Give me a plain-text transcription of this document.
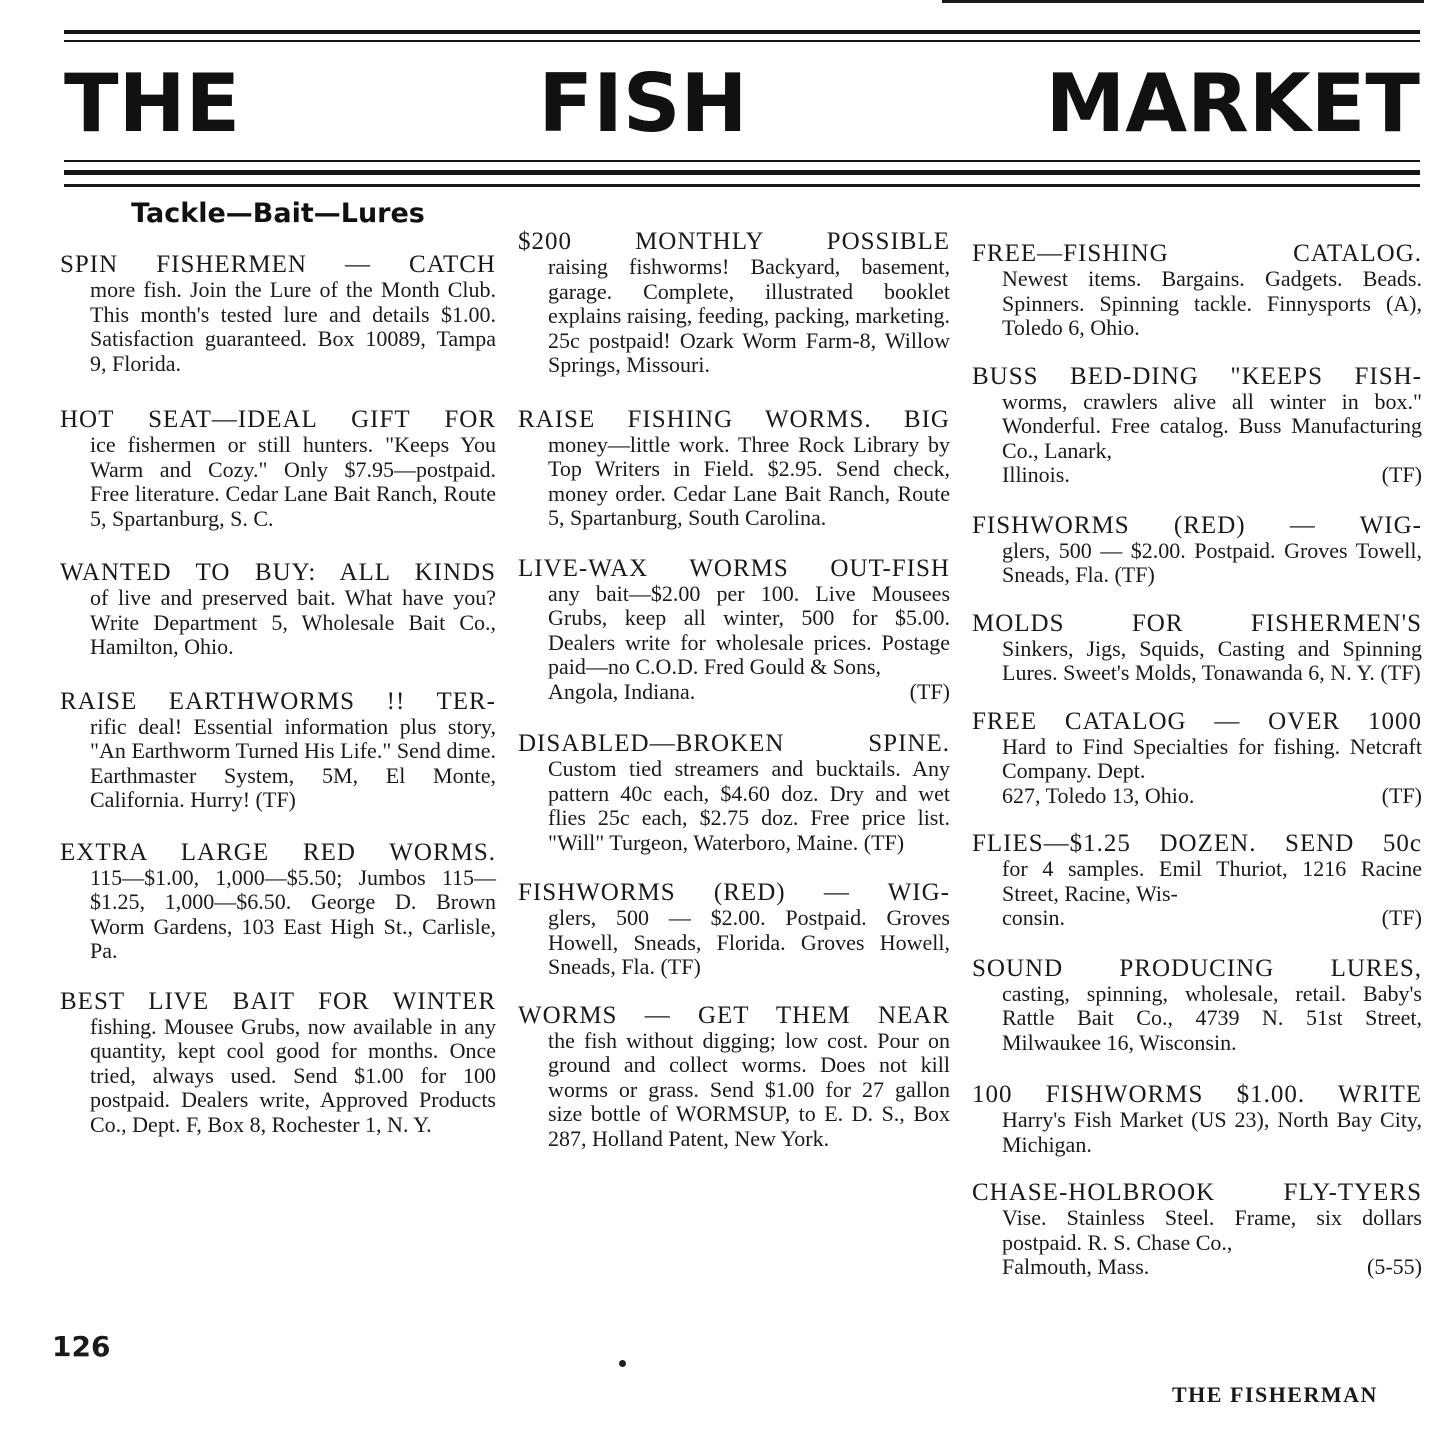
THE	FISH	MARKET
Tackle—Bait—Lures
SPIN FISHERMEN — CATCH
more fish. Join the Lure of the Month Club. This month's tested lure and details $1.00. Satisfaction guaranteed. Box 10089, Tampa 9, Florida.
HOT SEAT—IDEAL GIFT FOR
ice fishermen or still hunters. "Keeps You Warm and Cozy." Only $7.95—postpaid. Free literature. Cedar Lane Bait Ranch, Route 5, Spartanburg, S. C.
WANTED TO BUY: ALL KINDS
of live and preserved bait. What have you? Write Department 5, Wholesale Bait Co., Hamilton, Ohio.
RAISE EARTHWORMS !! TER-
rific deal! Essential information plus story, "An Earthworm Turned His Life." Send dime. Earthmaster System, 5M, El Monte, California. Hurry! (TF)
EXTRA LARGE RED WORMS.
115—$1.00, 1,000—$5.50; Jumbos 115—$1.25, 1,000—$6.50. George D. Brown Worm Gardens, 103 East High St., Carlisle, Pa.
BEST LIVE BAIT FOR WINTER
fishing. Mousee Grubs, now available in any quantity, kept cool good for months. Once tried, always used. Send $1.00 for 100 postpaid. Dealers write, Approved Products Co., Dept. F, Box 8, Rochester 1, N. Y.
$200 MONTHLY POSSIBLE
raising fishworms! Backyard, basement, garage. Complete, illustrated booklet explains raising, feeding, packing, marketing. 25c postpaid! Ozark Worm Farm-8, Willow Springs, Missouri.
RAISE FISHING WORMS. BIG
money—little work. Three Rock Library by Top Writers in Field. $2.95. Send check, money order. Cedar Lane Bait Ranch, Route 5, Spartanburg, South Carolina.
LIVE-WAX WORMS OUT-FISH
any bait—$2.00 per 100. Live Mousees Grubs, keep all winter, 500 for $5.00. Dealers write for wholesale prices. Postage paid—no C.O.D. Fred Gould & Sons,
Angola, Indiana.	(TF)
DISABLED—BROKEN SPINE.
Custom tied streamers and bucktails. Any pattern 40c each, $4.60 doz. Dry and wet flies 25c each, $2.75 doz. Free price list. "Will" Turgeon, Waterboro, Maine. (TF)
FISHWORMS (RED) — WIG-
glers, 500 — $2.00. Postpaid. Groves Howell, Sneads, Florida. Groves Howell, Sneads, Fla. (TF)
WORMS — GET THEM NEAR
the fish without digging; low cost. Pour on ground and collect worms. Does not kill worms or grass. Send $1.00 for 27 gallon size bottle of WORMSUP, to E. D. S., Box 287, Holland Patent, New York.
FREE—FISHING CATALOG.
Newest items. Bargains. Gadgets. Beads. Spinners. Spinning tackle. Finnysports (A), Toledo 6, Ohio.
BUSS BED-DING "KEEPS FISH-
worms, crawlers alive all winter in box." Wonderful. Free catalog. Buss Manufacturing Co., Lanark,
Illinois.	(TF)
FISHWORMS (RED) — WIG-
glers, 500 — $2.00. Postpaid. Groves Towell, Sneads, Fla. (TF)
MOLDS FOR FISHERMEN'S
Sinkers, Jigs, Squids, Casting and Spinning Lures. Sweet's Molds, Tonawanda 6, N. Y. (TF)
FREE CATALOG — OVER 1000
Hard to Find Specialties for fishing. Netcraft Company. Dept.
627, Toledo 13, Ohio.	(TF)
FLIES—$1.25 DOZEN. SEND 50c
for 4 samples. Emil Thuriot, 1216 Racine Street, Racine, Wis-
consin.	(TF)
SOUND PRODUCING LURES,
casting, spinning, wholesale, retail. Baby's Rattle Bait Co., 4739 N. 51st Street, Milwaukee 16, Wisconsin.
100 FISHWORMS $1.00. WRITE
Harry's Fish Market (US 23), North Bay City, Michigan.
CHASE-HOLBROOK FLY-TYERS
Vise. Stainless Steel. Frame, six dollars postpaid. R. S. Chase Co.,
Falmouth, Mass.	(5-55)
126
THE FISHERMAN
